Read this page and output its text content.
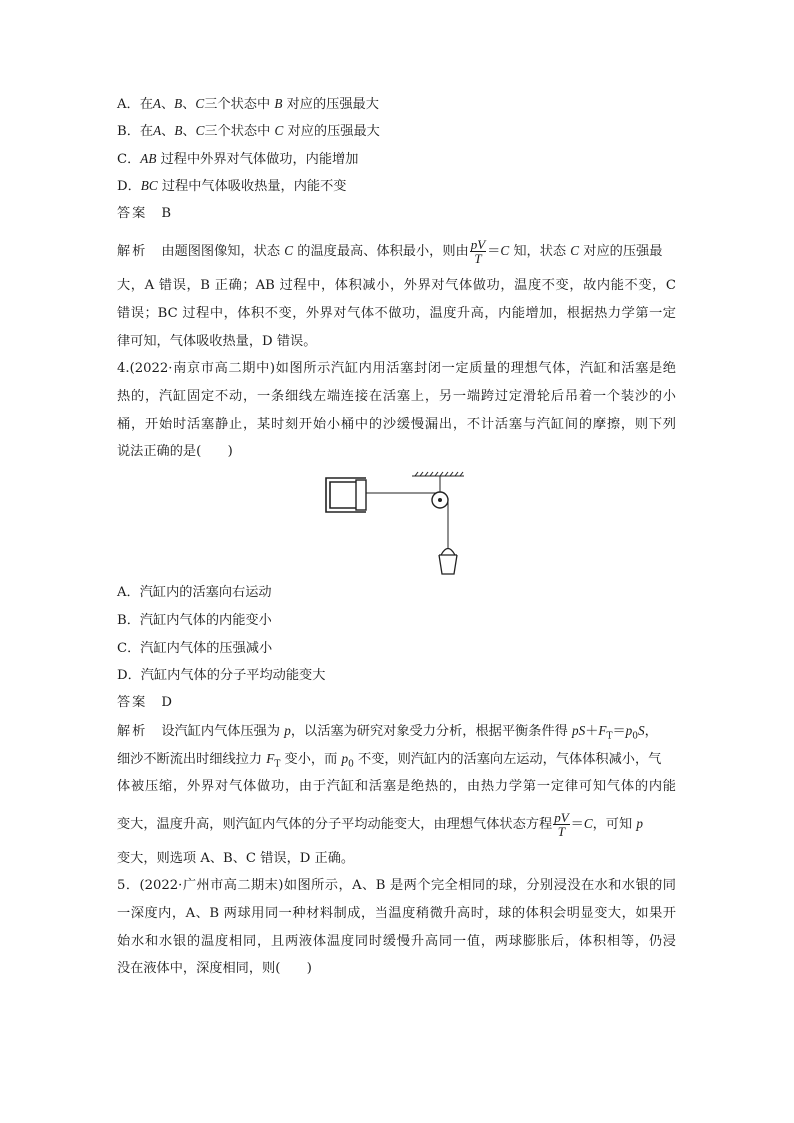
A．在A、B、C三个状态中 B 对应的压强最大
B．在A、B、C三个状态中 C 对应的压强最大
C．AB 过程中外界对气体做功，内能增加
D．BC 过程中气体吸收热量，内能不变
答案 B
解析 由题图图像知，状态 C 的温度最高、体积最小，则由 $\frac{pV}{T} =C$ 知，状态 C 对应的压强最
大，A 错误，B 正确；AB 过程中，体积减小，外界对气体做功，温度不变，故内能不变，C
错误；BC 过程中，体积不变，外界对气体不做功，温度升高，内能增加，根据热力学第一定
律可知，气体吸收热量，D 错误。
4.(2022·南京市高二期中)如图所示汽缸内用活塞封闭一定质量的理想气体，汽缸和活塞是绝
热的，汽缸固定不动，一条细线左端连接在活塞上，另一端跨过定滑轮后吊着一个装沙的小
桶，开始时活塞静止，某时刻开始小桶中的沙缓慢漏出，不计活塞与汽缸间的摩擦，则下列
说法正确的是(　　)
A．汽缸内的活塞向右运动
B．汽缸内气体的内能变小
C．汽缸内气体的压强减小
D．汽缸内气体的分子平均动能变大
答案 D
解析 设汽缸内气体压强为 p，以活塞为研究对象受力分析，根据平衡条件得 $pS+F_T=p_0S$，
细沙不断流出时细线拉力 $F_T$ 变小，而 $p_0$ 不变，则汽缸内的活塞向左运动，气体体积减小，气
体被压缩，外界对气体做功，由于汽缸和活塞是绝热的，由热力学第一定律可知气体的内能
变大，温度升高，则汽缸内气体的分子平均动能变大，由理想气体状态方程 $\frac{pV}{T} =C$，可知 p
变大，则选项 A、B、C 错误，D 正确。
5．(2022·广州市高二期末)如图所示，A、B 是两个完全相同的球，分别浸没在水和水银的同
一深度内，A、B 两球用同一种材料制成，当温度稍微升高时，球的体积会明显变大，如果开
始水和水银的温度相同，且两液体温度同时缓慢升高同一值，两球膨胀后，体积相等，仍浸
没在液体中，深度相同，则(　　)
